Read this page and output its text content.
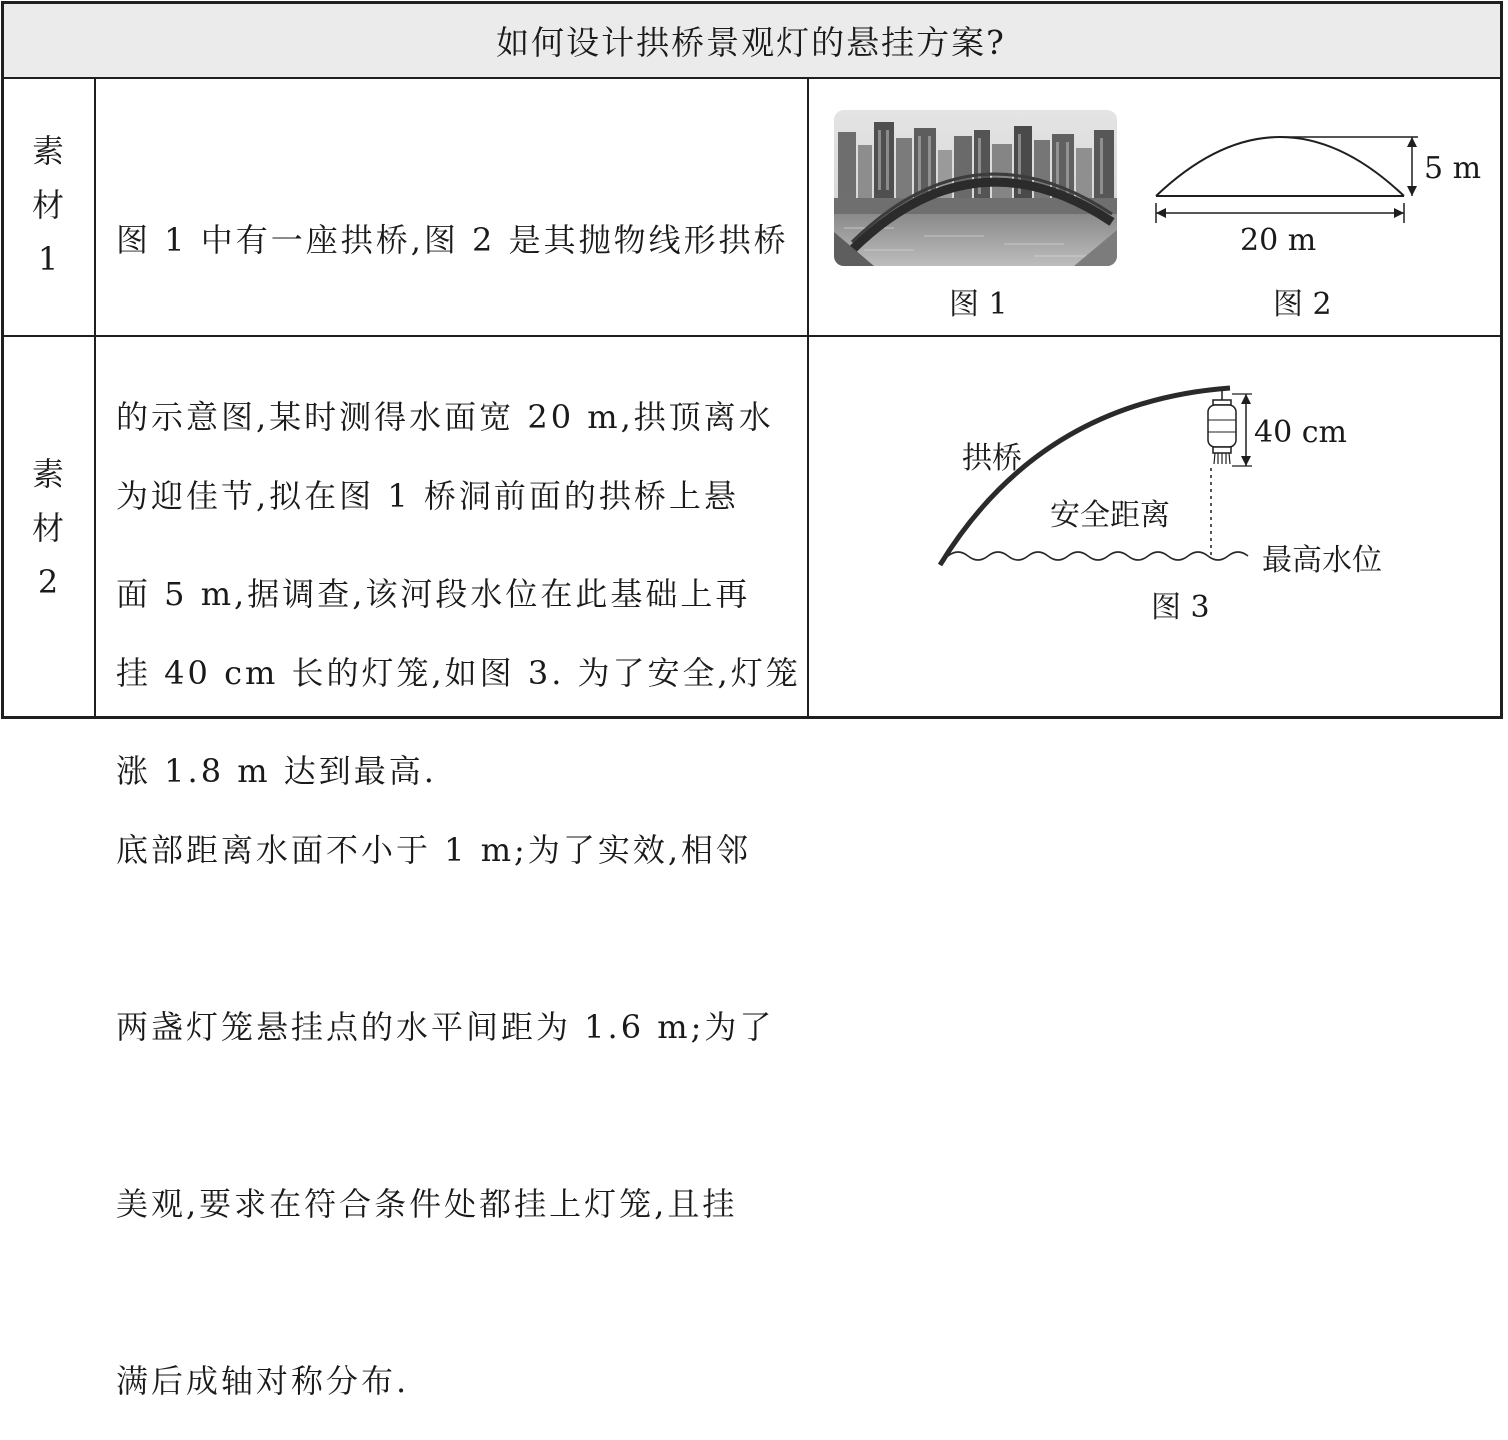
如何设计拱桥景观灯的悬挂方案?
素
材
1

	图 1 中有一座拱桥,图 2 是其抛物线形拱桥

的示意图,某时测得水面宽 20 m,拱顶离水

面 5 m,据调查,该河段水位在此基础上再

涨 1.8 m 达到最高.

图 1
5 m
20 m
图 2
素
材
2

为迎佳节,拟在图 1 桥洞前面的拱桥上悬

挂 40 cm 长的灯笼,如图 3. 为了安全,灯笼

底部距离水面不小于 1 m;为了实效,相邻

两盏灯笼悬挂点的水平间距为 1.6 m;为了

美观,要求在符合条件处都挂上灯笼,且挂

满后成轴对称分布.

拱桥
40 cm
安全距离
最高水位
图 3
